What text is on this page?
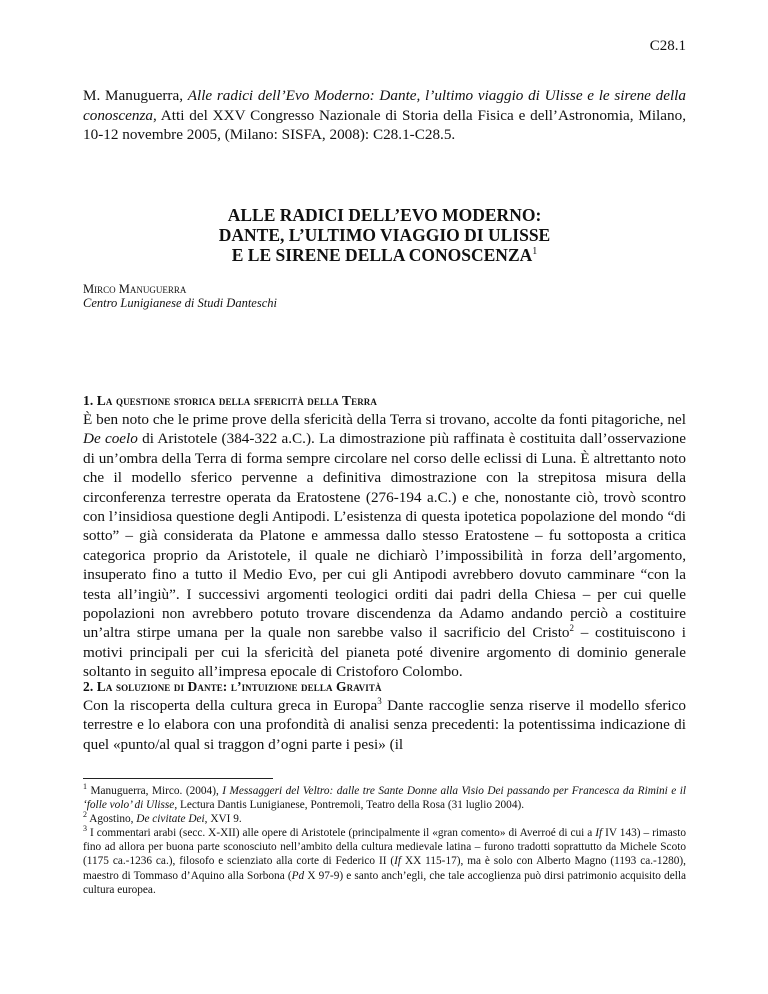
C28.1
M. Manuguerra, Alle radici dell’Evo Moderno: Dante, l’ultimo viaggio di Ulisse e le sirene della conoscenza, Atti del XXV Congresso Nazionale di Storia della Fisica e dell’Astronomia, Milano, 10-12 novembre 2005, (Milano: SISFA, 2008): C28.1-C28.5.
ALLE RADICI DELL’EVO MODERNO:
DANTE, L’ULTIMO VIAGGIO DI ULISSE
E LE SIRENE DELLA CONOSCENZA$^1$
Mirco Manuguerra
Centro Lunigianese di Studi Danteschi
1. La questione storica della sfericità della Terra
È ben noto che le prime prove della sfericità della Terra si trovano, accolte da fonti pitagoriche, nel De coelo di Aristotele (384-322 a.C.). La dimostrazione più raffinata è costituita dall’osservazione di un’ombra della Terra di forma sempre circolare nel corso delle eclissi di Luna. È altrettanto noto che il modello sferico pervenne a definitiva dimostrazione con la strepitosa misura della circonferenza terrestre operata da Eratostene (276-194 a.C.) e che, nonostante ciò, trovò scontro con l’insidiosa questione degli Antipodi. L’esistenza di questa ipotetica popolazione del mondo “di sotto” – già considerata da Platone e ammessa dallo stesso Eratostene – fu sottoposta a critica categorica proprio da Aristotele, il quale ne dichiarò l’impossibilità in forza dell’argomento, insuperato fino a tutto il Medio Evo, per cui gli Antipodi avrebbero dovuto camminare “con la testa all’ingiù”. I successivi argomenti teologici orditi dai padri della Chiesa – per cui quelle popolazioni non avrebbero potuto trovare discendenza da Adamo andando perciò a costituire un’altra stirpe umana per la quale non sarebbe valso il sacrificio del Cristo$^2$ – costituiscono i motivi principali per cui la sfericità del pianeta poté divenire argomento di dominio generale soltanto in seguito all’impresa epocale di Cristoforo Colombo.
2. La soluzione di Dante: l’intuizione della Gravità
Con la riscoperta della cultura greca in Europa$^3$ Dante raccoglie senza riserve il modello sferico terrestre e lo elabora con una profondità di analisi senza precedenti: la potentissima indicazione di quel «punto/al qual si traggon d’ogni parte i pesi» (il

$^1$ Manuguerra, Mirco. (2004), I Messaggeri del Veltro: dalle tre Sante Donne alla Visio Dei passando per Francesca da Rimini e il ‘folle volo’ di Ulisse, Lectura Dantis Lunigianese, Pontremoli, Teatro della Rosa (31 luglio 2004).

$^2$ Agostino, De civitate Dei, XVI 9.

$^3$ I commentari arabi (secc. X-XII) alle opere di Aristotele (principalmente il «gran comento» di Averroé di cui a If IV 143) – rimasto fino ad allora per buona parte sconosciuto nell’ambito della cultura medievale latina – furono tradotti soprattutto da Michele Scoto (1175 ca.-1236 ca.), filosofo e scienziato alla corte di Federico II (If XX 115-17), ma è solo con Alberto Magno (1193 ca.-1280), maestro di Tommaso d’Aquino alla Sorbona (Pd X 97-9) e santo anch’egli, che tale accoglienza può dirsi patrimonio acquisito della cultura europea.
